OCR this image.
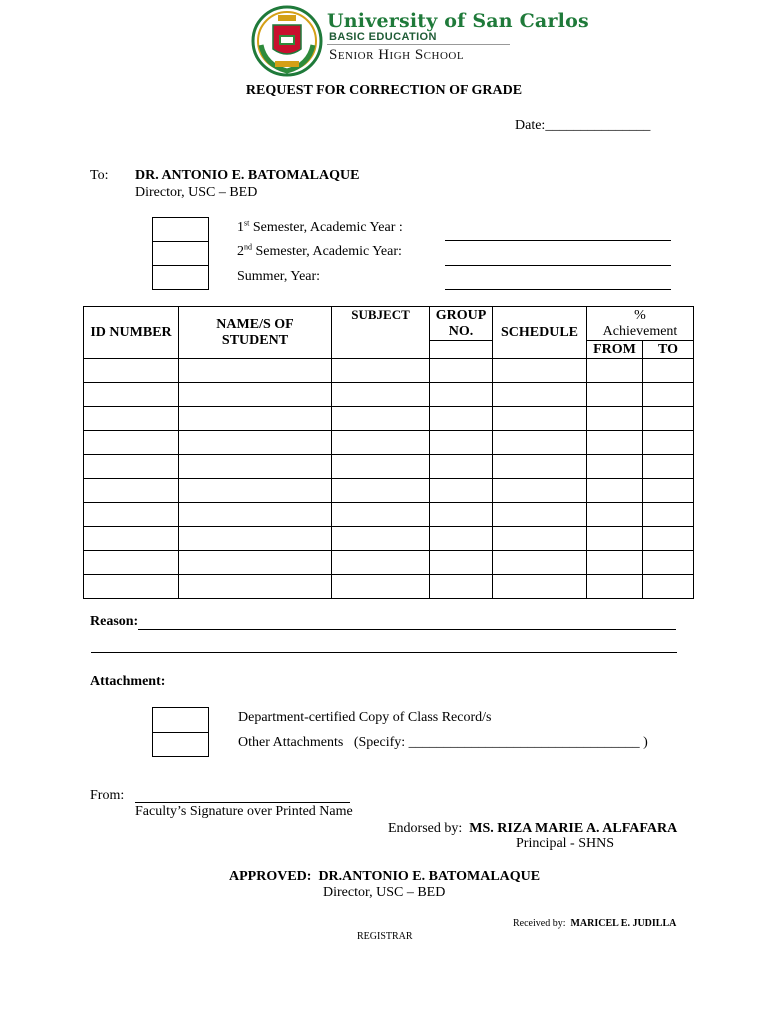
University of San Carlos
BASIC EDUCATION
Senior High School
REQUEST FOR CORRECTION OF GRADE
Date:_______________
To: DR. ANTONIO E. BATOMALAQUE
Director, USC – BED
1st Semester, Academic Year :
2nd Semester, Academic Year:
Summer, Year:
ID NUMBER	NAME/S OF STUDENT	SUBJECT	GROUP NO.	SCHEDULE	%
Achievement	
					FROM	TO

Reason:
Attachment:
Department-certified Copy of Class Record/s
Other Attachments   (Specify: _________________________________ )
From:
Faculty’s Signature over Printed Name
Endorsed by: MS. RIZA MARIE A. ALFAFARA
Principal - SHNS
APPROVED: DR.ANTONIO E. BATOMALAQUE
Director, USC – BED
Received by: MARICEL E. JUDILLA
REGISTRAR
